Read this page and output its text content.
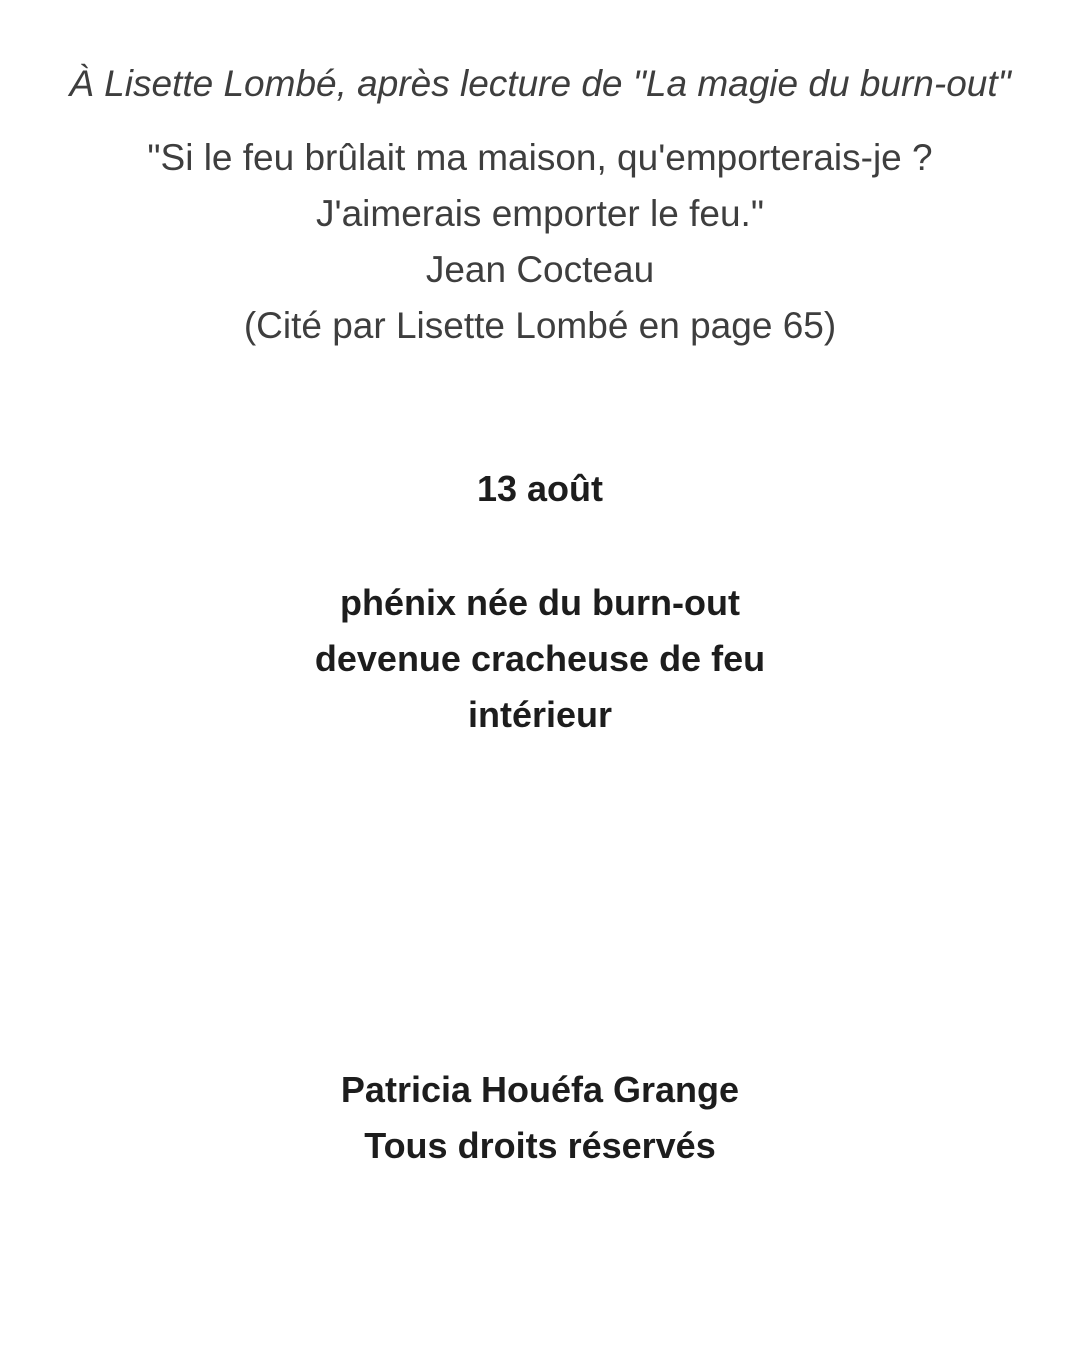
À Lisette Lombé, après lecture de "La magie du burn-out"
"Si le feu brûlait ma maison, qu'emporterais-je ?
J'aimerais emporter le feu."
Jean Cocteau
(Cité par Lisette Lombé en page 65)
13 août
phénix née du burn-out
devenue cracheuse de feu
intérieur
Patricia Houéfa Grange
Tous droits réservés
